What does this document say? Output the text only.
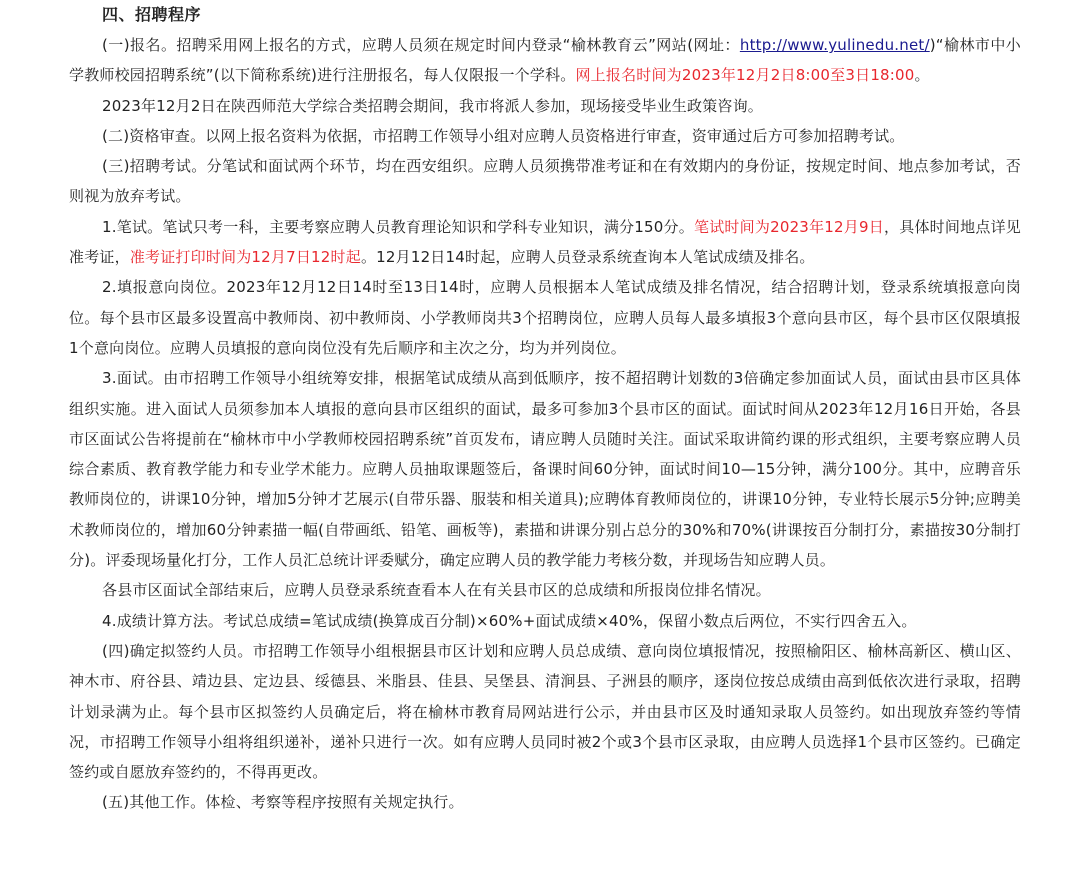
四、招聘程序

(一)报名。招聘采用网上报名的方式，应聘人员须在规定时间内登录“榆林教育云”网站(网址：http://www.yulinedu.net/)“榆林市中小学教师校园招聘系统”(以下简称系统)进行注册报名，每人仅限报一个学科。网上报名时间为2023年12月2日8:00至3日18:00。

2023年12月2日在陕西师范大学综合类招聘会期间，我市将派人参加，现场接受毕业生政策咨询。

(二)资格审查。以网上报名资料为依据，市招聘工作领导小组对应聘人员资格进行审查，资审通过后方可参加招聘考试。

(三)招聘考试。分笔试和面试两个环节，均在西安组织。应聘人员须携带准考证和在有效期内的身份证，按规定时间、地点参加考试，否则视为放弃考试。

1.笔试。笔试只考一科，主要考察应聘人员教育理论知识和学科专业知识，满分150分。笔试时间为2023年12月9日，具体时间地点详见准考证，准考证打印时间为12月7日12时起。12月12日14时起，应聘人员登录系统查询本人笔试成绩及排名。

2.填报意向岗位。2023年12月12日14时至13日14时，应聘人员根据本人笔试成绩及排名情况，结合招聘计划，登录系统填报意向岗位。每个县市区最多设置高中教师岗、初中教师岗、小学教师岗共3个招聘岗位，应聘人员每人最多填报3个意向县市区，每个县市区仅限填报1个意向岗位。应聘人员填报的意向岗位没有先后顺序和主次之分，均为并列岗位。

3.面试。由市招聘工作领导小组统筹安排，根据笔试成绩从高到低顺序，按不超招聘计划数的3倍确定参加面试人员，面试由县市区具体组织实施。进入面试人员须参加本人填报的意向县市区组织的面试，最多可参加3个县市区的面试。面试时间从2023年12月16日开始，各县市区面试公告将提前在“榆林市中小学教师校园招聘系统”首页发布，请应聘人员随时关注。面试采取讲简约课的形式组织，主要考察应聘人员综合素质、教育教学能力和专业学术能力。应聘人员抽取课题签后，备课时间60分钟，面试时间10—15分钟，满分100分。其中，应聘音乐教师岗位的，讲课10分钟，增加5分钟才艺展示(自带乐器、服装和相关道具);应聘体育教师岗位的，讲课10分钟，专业特长展示5分钟;应聘美术教师岗位的，增加60分钟素描一幅(自带画纸、铅笔、画板等)，素描和讲课分别占总分的30%和70%(讲课按百分制打分，素描按30分制打分)。评委现场量化打分，工作人员汇总统计评委赋分，确定应聘人员的教学能力考核分数，并现场告知应聘人员。

各县市区面试全部结束后，应聘人员登录系统查看本人在有关县市区的总成绩和所报岗位排名情况。

4.成绩计算方法。考试总成绩=笔试成绩(换算成百分制)×60%+面试成绩×40%，保留小数点后两位，不实行四舍五入。

(四)确定拟签约人员。市招聘工作领导小组根据县市区计划和应聘人员总成绩、意向岗位填报情况，按照榆阳区、榆林高新区、横山区、神木市、府谷县、靖边县、定边县、绥德县、米脂县、佳县、吴堡县、清涧县、子洲县的顺序，逐岗位按总成绩由高到低依次进行录取，招聘计划录满为止。每个县市区拟签约人员确定后，将在榆林市教育局网站进行公示，并由县市区及时通知录取人员签约。如出现放弃签约等情况，市招聘工作领导小组将组织递补，递补只进行一次。如有应聘人员同时被2个或3个县市区录取，由应聘人员选择1个县市区签约。已确定签约或自愿放弃签约的，不得再更改。

(五)其他工作。体检、考察等程序按照有关规定执行。
